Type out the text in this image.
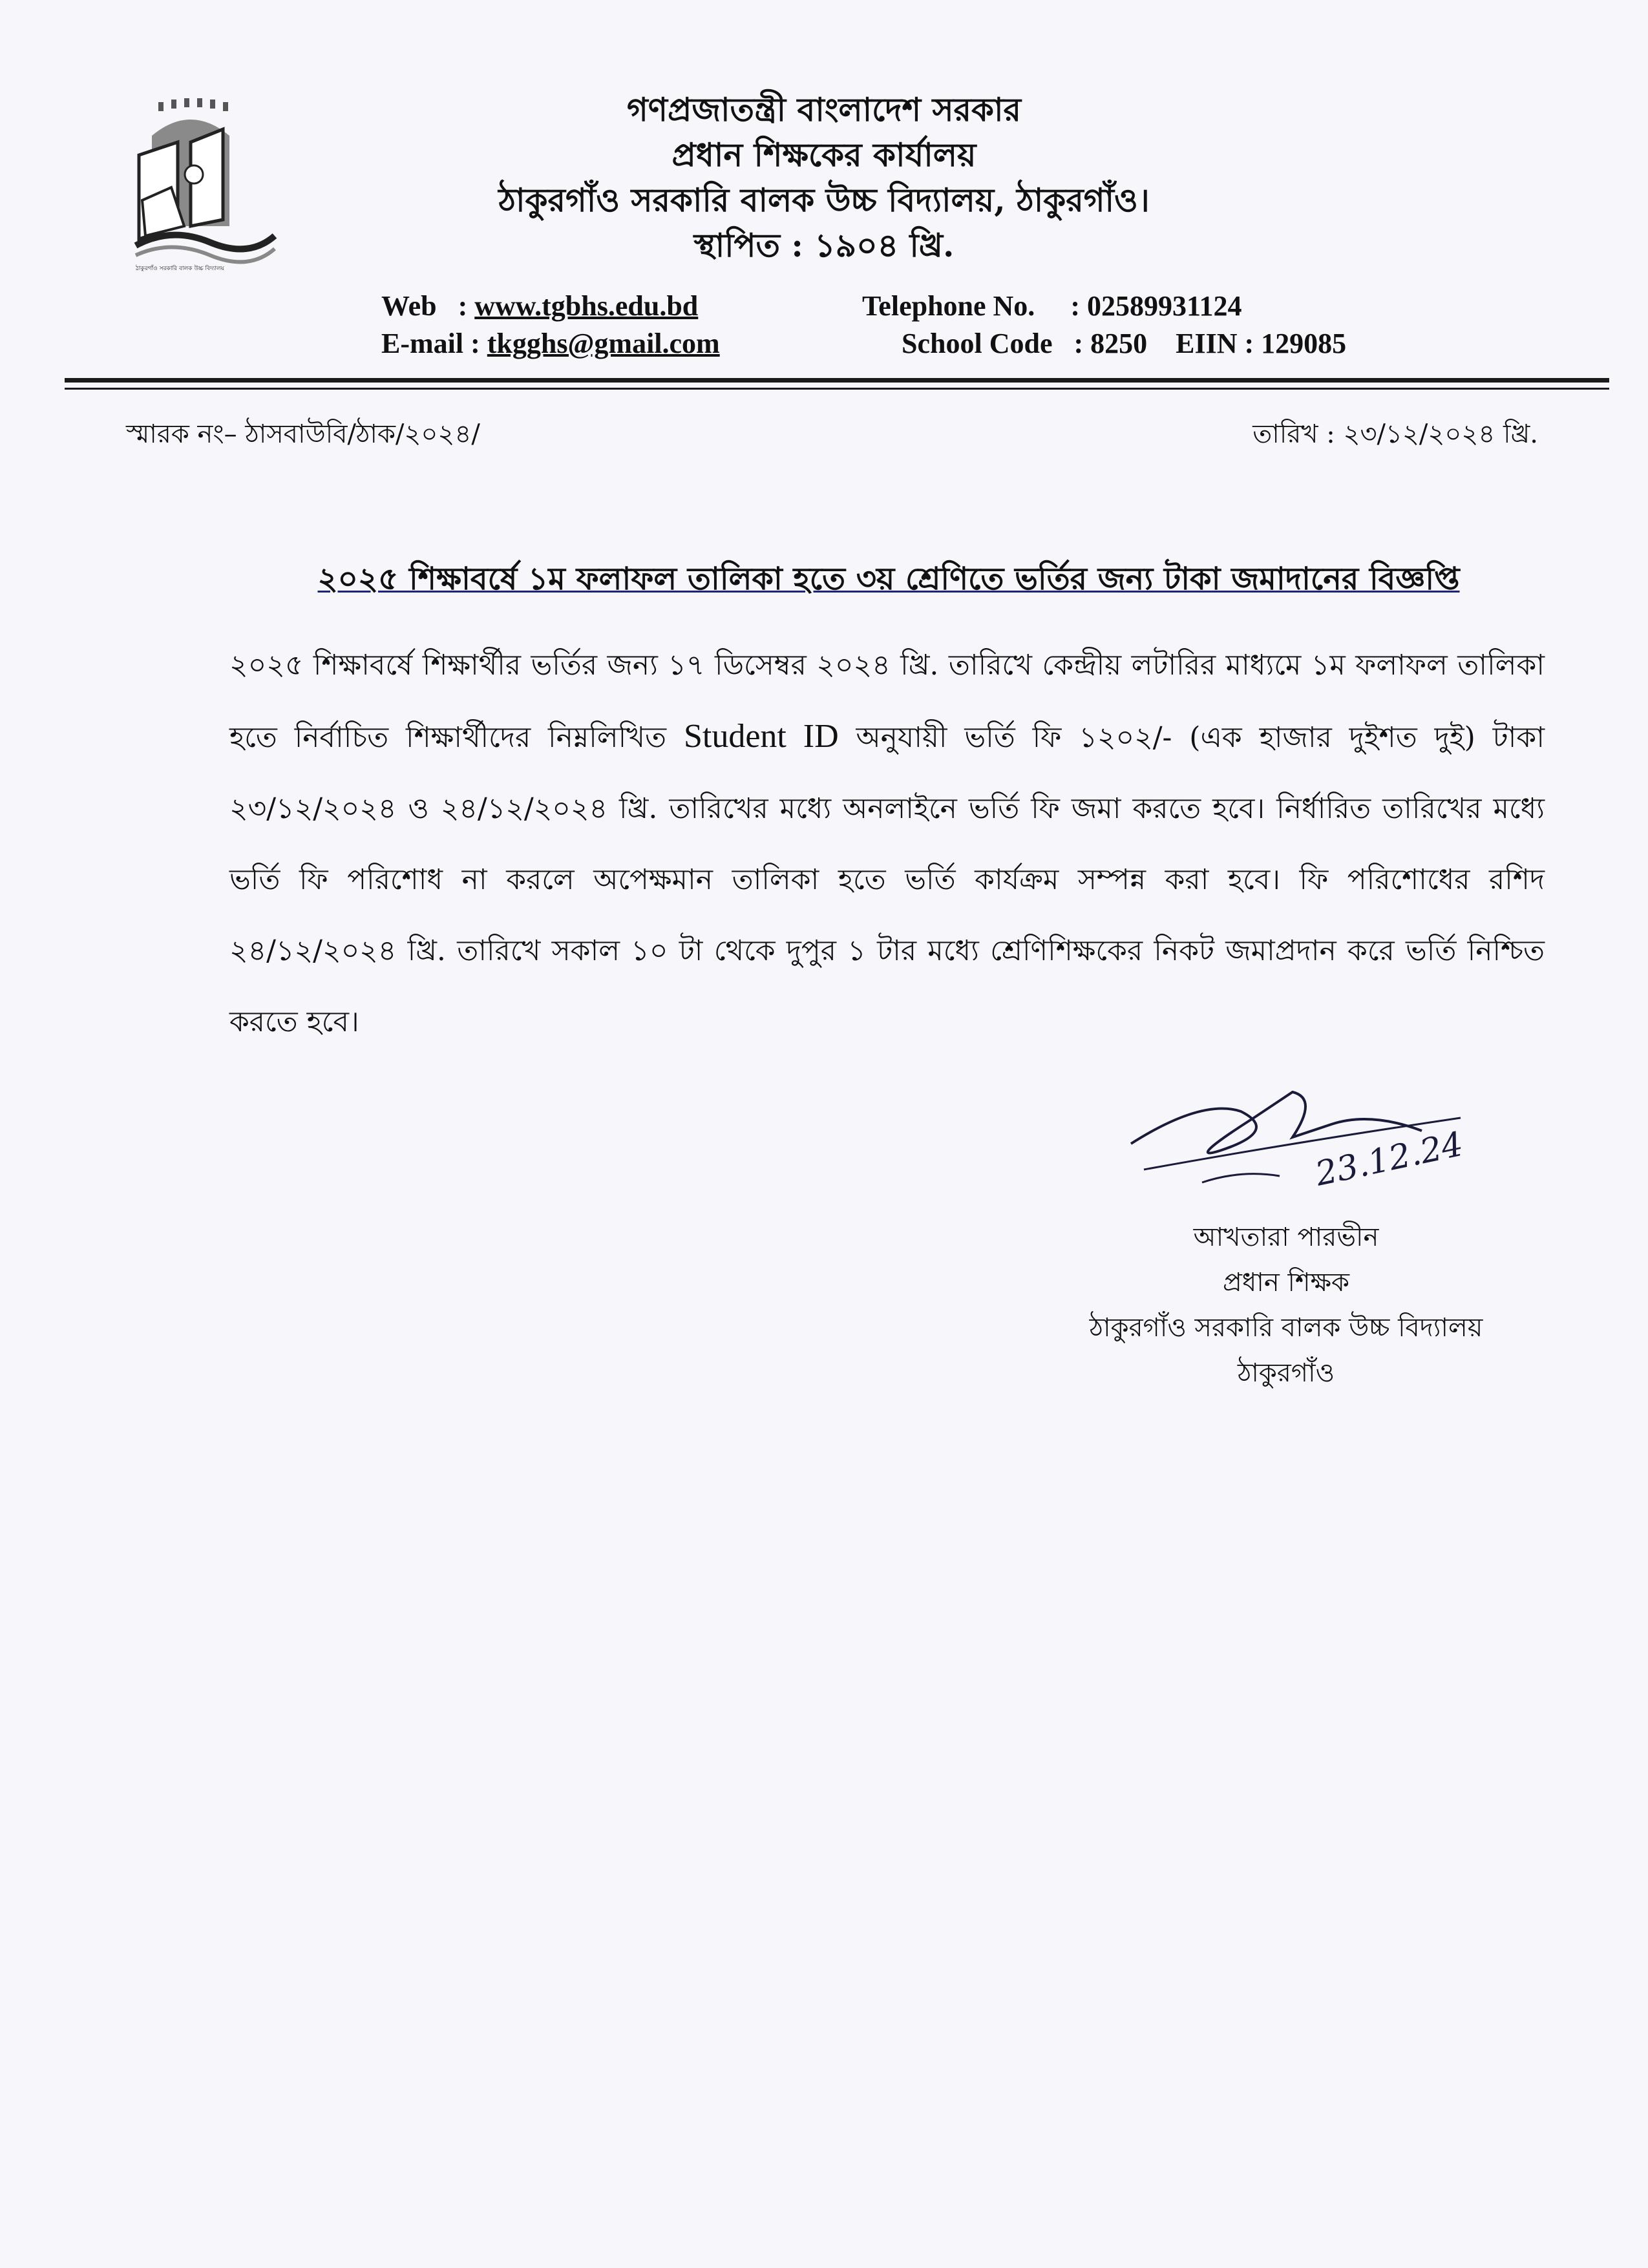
ঠাকুরগাঁও সরকারি বালক উচ্চ বিদ্যালয়
গণপ্রজাতন্ত্রী বাংলাদেশ সরকার
প্রধান শিক্ষকের কার্যালয়
ঠাকুরগাঁও সরকারি বালক উচ্চ বিদ্যালয়, ঠাকুরগাঁও।
স্থাপিত : ১৯০৪ খ্রি.
Web   : www.tgbhs.edu.bd
E-mail : tkgghs@gmail.com
Telephone No.     : 02589931124
School Code   : 8250 EIIN : 129085
স্মারক নং– ঠাসবাউবি/ঠাক/২০২৪/	তারিখ : ২৩/১২/২০২৪ খ্রি.
২০২৫ শিক্ষাবর্ষে ১ম ফলাফল তালিকা হতে ৩য় শ্রেণিতে ভর্তির জন্য টাকা জমাদানের বিজ্ঞপ্তি
২০২৫ শিক্ষাবর্ষে শিক্ষার্থীর ভর্তির জন্য ১৭ ডিসেম্বর ২০২৪ খ্রি. তারিখে কেন্দ্রীয় লটারির মাধ্যমে ১ম ফলাফল তালিকা হতে নির্বাচিত শিক্ষার্থীদের নিম্নলিখিত Student ID অনুযায়ী ভর্তি ফি ১২০২/- (এক হাজার দুইশত দুই) টাকা ২৩/১২/২০২৪ ও ২৪/১২/২০২৪ খ্রি. তারিখের মধ্যে অনলাইনে ভর্তি ফি জমা করতে হবে। নির্ধারিত তারিখের মধ্যে ভর্তি ফি পরিশোধ না করলে অপেক্ষমান তালিকা হতে ভর্তি কার্যক্রম সম্পন্ন করা হবে। ফি পরিশোধের রশিদ ২৪/১২/২০২৪ খ্রি. তারিখে সকাল ১০ টা থেকে দুপুর ১ টার মধ্যে শ্রেণিশিক্ষকের নিকট জমাপ্রদান করে ভর্তি নিশ্চিত করতে হবে।
23.12.24
আখতারা পারভীন
প্রধান শিক্ষক
ঠাকুরগাঁও সরকারি বালক উচ্চ বিদ্যালয়
ঠাকুরগাঁও
